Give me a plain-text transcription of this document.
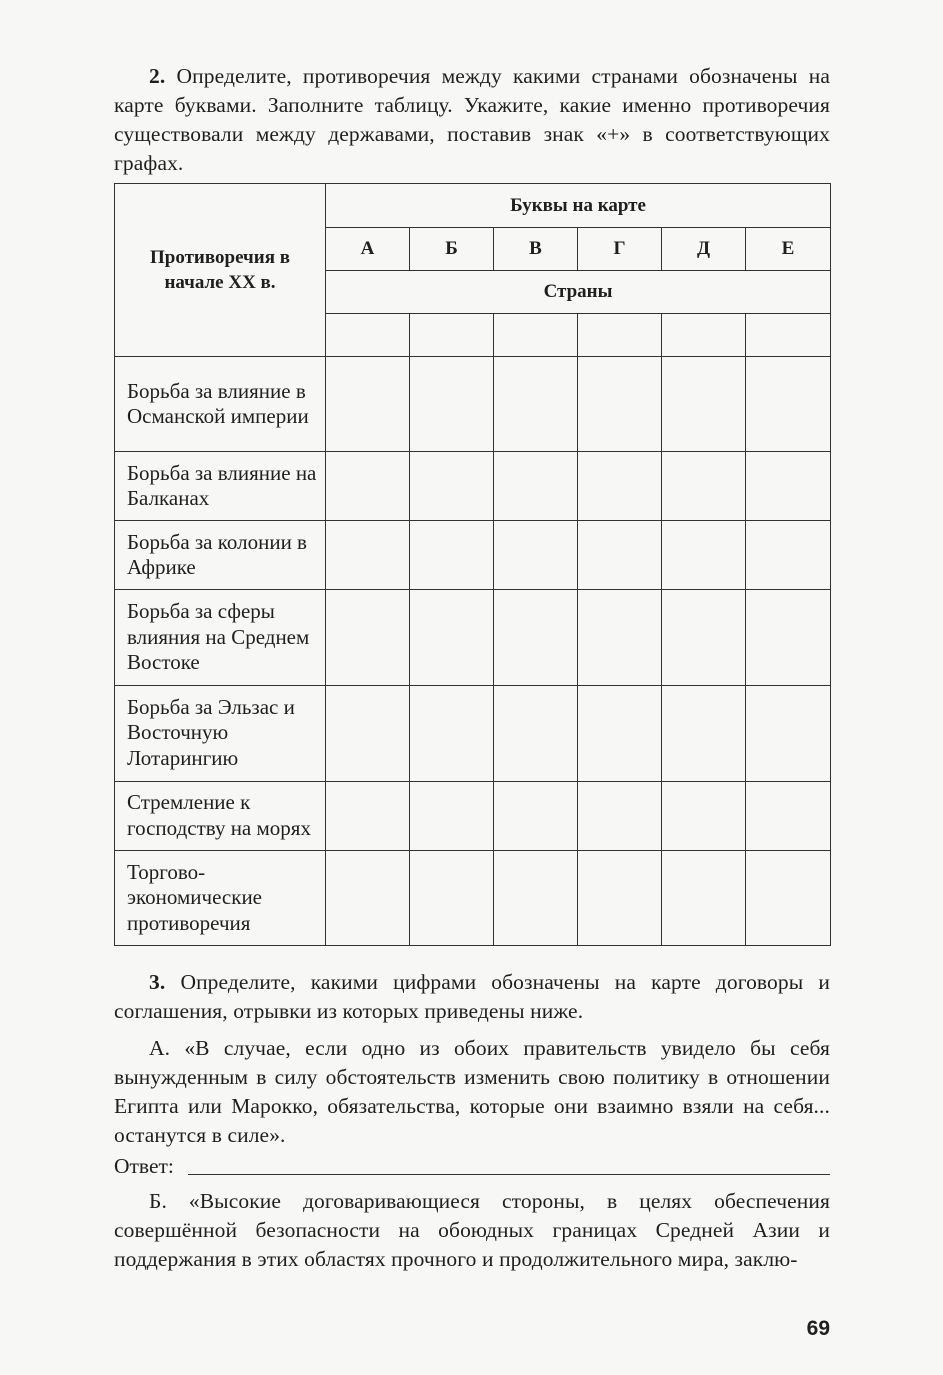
2. Определите, противоречия между какими странами обозначены на карте буквами. Заполните таблицу. Укажите, какие именно противоречия существовали между державами, поставив знак «+» в соответствующих графах.
Противоречия в начале XX в.	Буквы на карте					
	А	Б	В	Г	Д	Е
	Страны					

Борьба за влияние в Османской империи						
Борьба за влияние на Балканах						
Борьба за колонии в Африке						
Борьба за сферы влияния на Среднем Востоке						
Борьба за Эльзас и Восточную Лотарингию						
Стремление к господству на морях						
Торгово-экономические противоречия						
3. Определите, какими цифрами обозначены на карте договоры и соглашения, отрывки из которых приведены ниже.
А. «В случае, если одно из обоих правительств увидело бы себя вынужденным в силу обстоятельств изменить свою политику в отношении Египта или Марокко, обязательства, которые они взаимно взяли на себя... останутся в силе».
Ответ:
Б. «Высокие договаривающиеся стороны, в целях обеспечения совершённой безопасности на обоюдных границах Средней Азии и поддержания в этих областях прочного и продолжительного мира, заклю-
69
